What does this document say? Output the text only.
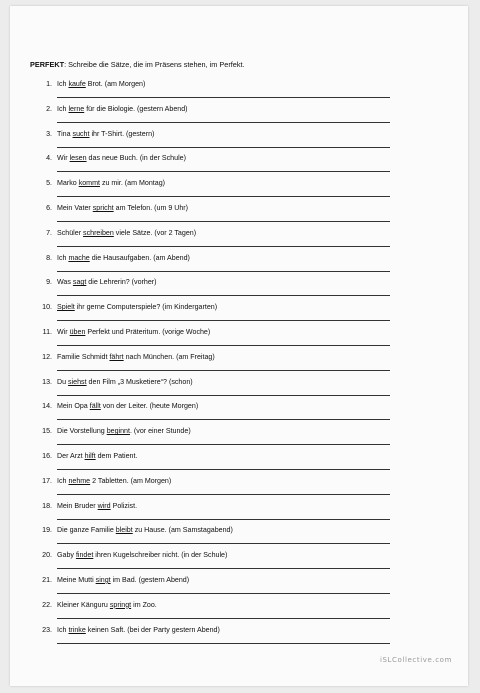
PERFEKT: Schreibe die Sätze, die im Präsens stehen, im Perfekt.
1. Ich kaufe Brot. (am Morgen)
2. Ich lerne für die Biologie. (gestern Abend)
3. Tina sucht ihr T-Shirt. (gestern)
4. Wir lesen das neue Buch. (in der Schule)
5. Marko kommt zu mir. (am Montag)
6. Mein Vater spricht am Telefon. (um 9 Uhr)
7. Schüler schreiben viele Sätze. (vor 2 Tagen)
8. Ich mache die Hausaufgaben. (am Abend)
9. Was sagt die Lehrerin? (vorher)
10. Spielt ihr gerne Computerspiele? (im Kindergarten)
11. Wir üben Perfekt und Präteritum. (vorige Woche)
12. Familie Schmidt fährt nach München. (am Freitag)
13. Du siehst den Film „3 Musketiere“? (schon)
14. Mein Opa fällt von der Leiter. (heute Morgen)
15. Die Vorstellung beginnt. (vor einer Stunde)
16. Der Arzt hilft dem Patient.
17. Ich nehme 2 Tabletten. (am Morgen)
18. Mein Bruder wird Polizist.
19. Die ganze Familie bleibt zu Hause. (am Samstagabend)
20. Gaby findet ihren Kugelschreiber nicht. (in der Schule)
21. Meine Mutti singt im Bad. (gestern Abend)
22. Kleiner Känguru springt im Zoo.
23. Ich trinke keinen Saft. (bei der Party gestern Abend)
iSLCollective.com
